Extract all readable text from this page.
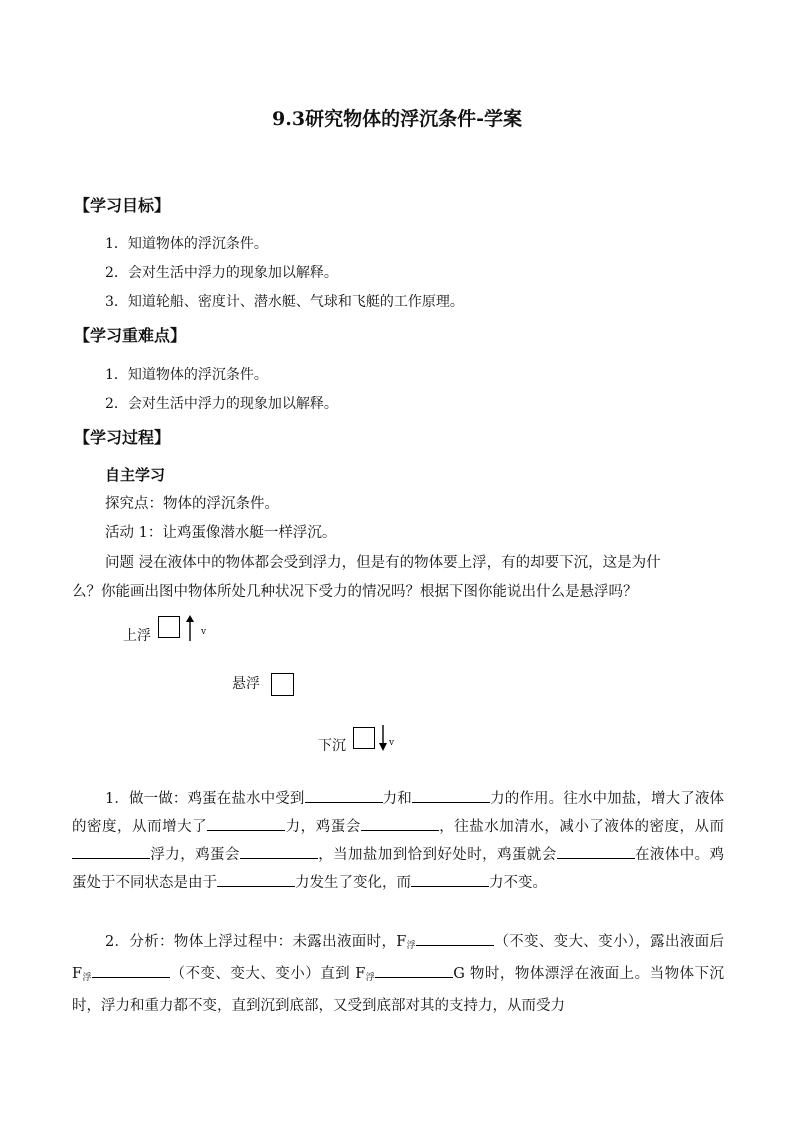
9.3研究物体的浮沉条件-学案
【学习目标】
1．知道物体的浮沉条件。
2．会对生活中浮力的现象加以解释。
3．知道轮船、密度计、潜水艇、气球和飞艇的工作原理。
【学习重难点】
1．知道物体的浮沉条件。
2．会对生活中浮力的现象加以解释。
【学习过程】
自主学习
探究点：物体的浮沉条件。
活动 1：让鸡蛋像潜水艇一样浮沉。
问题 浸在液体中的物体都会受到浮力，但是有的物体要上浮，有的却要下沉，这是为什
么？你能画出图中物体所处几种状况下受力的情况吗？根据下图你能说出什么是悬浮吗？
上浮	v
悬浮
下沉	v
1．做一做：鸡蛋在盐水中受到	力和	力的作用。往水中加盐，增大了液体的密度，从而增大了	力，鸡蛋会	，往盐水加清水，减小了液体的密度，从而浮力，鸡蛋会	，当加盐加到恰到好处时，鸡蛋就会	在液体中。鸡蛋处于不同状态是由于	力发生了变化，而	力不变。
2．分析：物体上浮过程中：未露出液面时，$F_浮$	（不变、变大、变小），露出液面后 $F_浮$	（不变、变大、变小）直到 $F_浮$	G 物时，物体漂浮在液面上。当物体下沉时，浮力和重力都不变，直到沉到底部，又受到底部对其的支持力，从而受力
